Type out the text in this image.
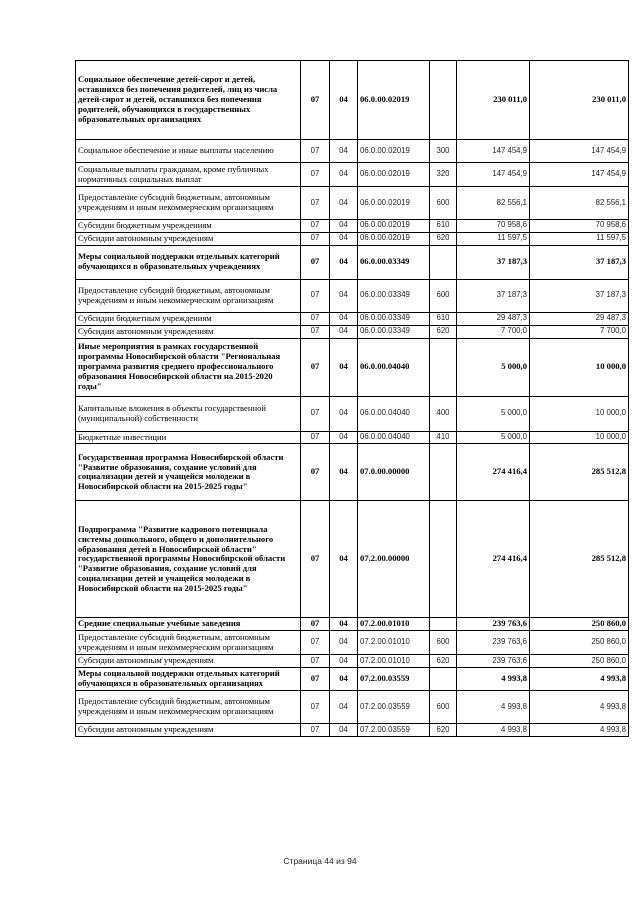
Социальное обеспечение детей-сирот и детей, оставшихся без попечения родителей, лиц из числа детей-сирот и детей, оставшихся без попечения родителей, обучающихся в государственных образовательных организациях	07	04	06.0.00.02019		230 011,0	230 011,0
Социальное обеспечение и иные выплаты населению	07	04	06.0.00.02019	300	147 454,9	147 454,9
Социальные выплаты гражданам, кроме публичных нормативных социальных выплат	07	04	06.0.00.02019	320	147 454,9	147 454,9
Предоставление субсидий бюджетным, автономным учреждениям и иным некоммерческим организациям	07	04	06.0.00.02019	600	82 556,1	82 556,1
Субсидии бюджетным учреждениям	07	04	06.0.00.02019	610	70 958,6	70 958,6
Субсидии автономным учреждениям	07	04	06.0.00.02019	620	11 597,5	11 597,5
Меры социальной поддержки отдельных категорий обучающихся в образовательных учреждениях	07	04	06.0.00.03349		37 187,3	37 187,3
Предоставление субсидий бюджетным, автономным учреждениям и иным некоммерческим организациям	07	04	06.0.00.03349	600	37 187,3	37 187,3
Субсидии бюджетным учреждениям	07	04	06.0.00.03349	610	29 487,3	29 487,3
Субсидии автономным учреждениям	07	04	06.0.00.03349	620	7 700,0	7 700,0
Иные мероприятия в рамках государственной программы Новосибирской области "Региональная программа развития среднего профессионального образования Новосибирской области на 2015-2020 годы"	07	04	06.0.00.04040		5 000,0	10 000,0
Капитальные вложения в объекты государственной (муниципальной) собственности	07	04	06.0.00.04040	400	5 000,0	10 000,0
Бюджетные инвестиции	07	04	06.0.00.04040	410	5 000,0	10 000,0
Государственная программа Новосибирской области "Развитие образования, создание условий для социализации детей и учащейся молодежи в Новосибирской области на 2015-2025 годы"	07	04	07.0.00.00000		274 416,4	285 512,8
Подпрограмма "Развитие кадрового потенциала системы дошкольного, общего и дополнительного образования детей в Новосибирской области" государственной программы Новосибирской области "Развитие образования, создание условий для социализации детей и учащейся молодежи в Новосибирской области на 2015-2025 годы"	07	04	07.2.00.00000		274 416,4	285 512,8
Средние специальные учебные заведения	07	04	07.2.00.01010		239 763,6	250 860,0
Предоставление субсидий бюджетным, автономным учреждениям и иным некоммерческим организациям	07	04	07.2.00.01010	600	239 763,6	250 860,0
Субсидии автономным учреждениям	07	04	07.2.00.01010	620	239 763,6	250 860,0
Меры социальной поддержки отдельных категорий обучающихся в образовательных организациях	07	04	07.2.00.03559		4 993,8	4 993,8
Предоставление субсидий бюджетным, автономным учреждениям и иным некоммерческим организациям	07	04	07.2.00.03559	600	4 993,8	4 993,8
Субсидии автономным учреждениям	07	04	07.2.00.03559	620	4 993,8	4 993,8
Страница 44 из 94
